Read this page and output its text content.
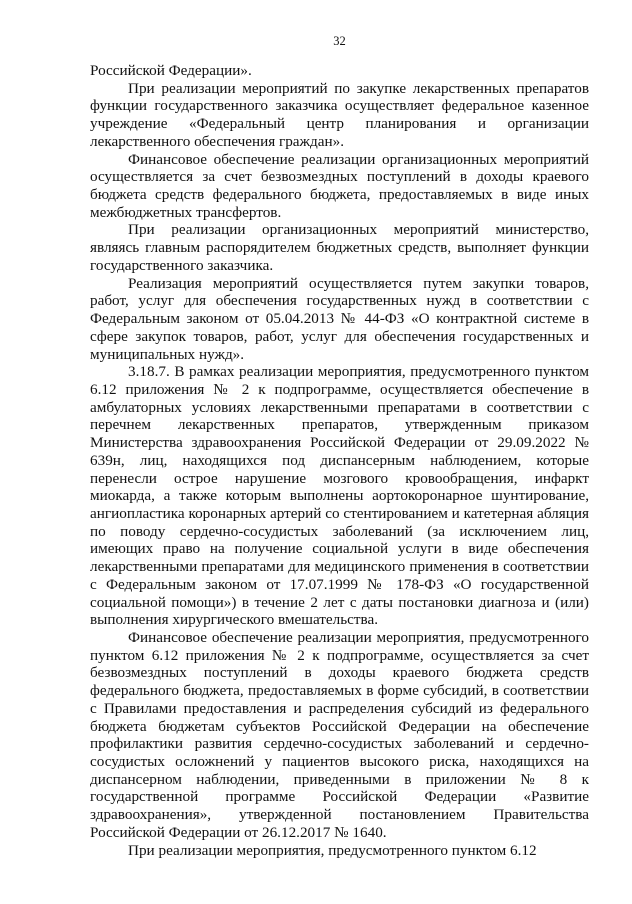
32

Российской Федерации».

При реализации мероприятий по закупке лекарственных препаратов функции государственного заказчика осуществляет федеральное казенное учреждение «Федеральный центр планирования и организации лекарственного обеспечения граждан».

Финансовое обеспечение реализации организационных мероприятий осуществляется за счет безвозмездных поступлений в доходы краевого бюджета средств федерального бюджета, предоставляемых в виде иных межбюджетных трансфертов.

При реализации организационных мероприятий министерство, являясь главным распорядителем бюджетных средств, выполняет функции государственного заказчика.

Реализация мероприятий осуществляется путем закупки товаров, работ, услуг для обеспечения государственных нужд в соответствии с Федеральным законом от 05.04.2013 № 44-ФЗ «О контрактной системе в сфере закупок товаров, работ, услуг для обеспечения государственных и муниципальных нужд».

3.18.7. В рамках реализации мероприятия, предусмотренного пунктом 6.12 приложения № 2 к подпрограмме, осуществляется обеспечение в амбулаторных условиях лекарственными препаратами в соответствии с перечнем лекарственных препаратов, утвержденным приказом Министерства здравоохранения Российской Федерации от 29.09.2022 № 639н, лиц, находящихся под диспансерным наблюдением, которые перенесли острое нарушение мозгового кровообращения, инфаркт миокарда, а также которым выполнены аортокоронарное шунтирование, ангиопластика коронарных артерий со стентированием и катетерная абляция по поводу сердечно-сосудистых заболеваний (за исключением лиц, имеющих право на получение социальной услуги в виде обеспечения лекарственными препаратами для медицинского применения в соответствии с Федеральным законом от 17.07.1999 № 178-ФЗ «О государственной социальной помощи») в течение 2 лет с даты постановки диагноза и (или) выполнения хирургического вмешательства.

Финансовое обеспечение реализации мероприятия, предусмотренного пунктом 6.12 приложения № 2 к подпрограмме, осуществляется за счет безвозмездных поступлений в доходы краевого бюджета средств федерального бюджета, предоставляемых в форме субсидий, в соответствии с Правилами предоставления и распределения субсидий из федерального бюджета бюджетам субъектов Российской Федерации на обеспечение профилактики развития сердечно-сосудистых заболеваний и сердечно-сосудистых осложнений у пациентов высокого риска, находящихся на диспансерном наблюдении, приведенными в приложении № 8 к государственной программе Российской Федерации «Развитие здравоохранения», утвержденной постановлением Правительства Российской Федерации от 26.12.2017 № 1640.

При реализации мероприятия, предусмотренного пунктом 6.12
